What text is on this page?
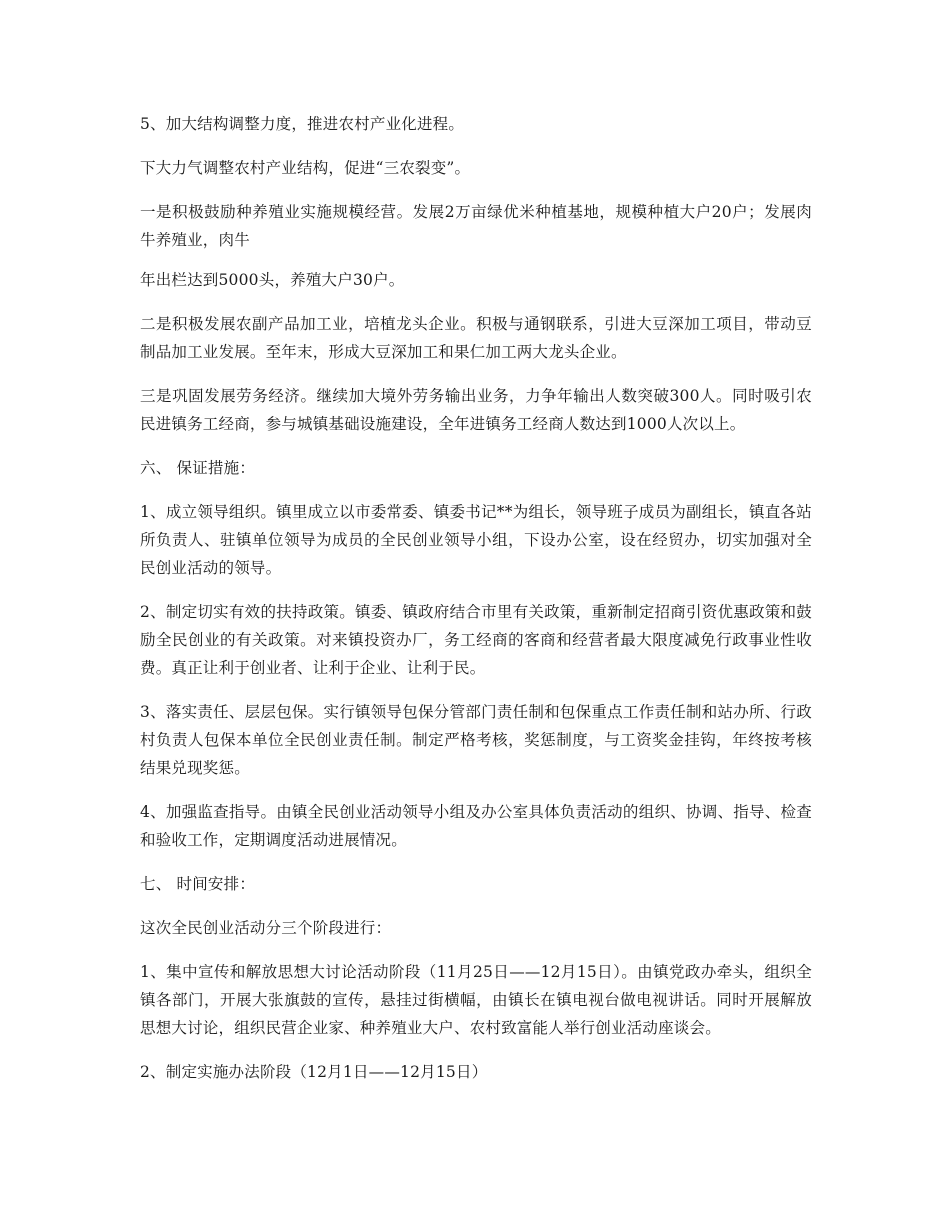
5、加大结构调整力度，推进农村产业化进程。

下大力气调整农村产业结构，促进“三农裂变”。

一是积极鼓励种养殖业实施规模经营。发展2万亩绿优米种植基地，规模种植大户20户；发展肉牛养殖业，肉牛

年出栏达到5000头，养殖大户30户。

二是积极发展农副产品加工业，培植龙头企业。积极与通钢联系，引进大豆深加工项目，带动豆制品加工业发展。至年末，形成大豆深加工和果仁加工两大龙头企业。

三是巩固发展劳务经济。继续加大境外劳务输出业务，力争年输出人数突破300人。同时吸引农民进镇务工经商，参与城镇基础设施建设，全年进镇务工经商人数达到1000人次以上。

六、 保证措施：

1、成立领导组织。镇里成立以市委常委、镇委书记**为组长，领导班子成员为副组长，镇直各站所负责人、驻镇单位领导为成员的全民创业领导小组，下设办公室，设在经贸办，切实加强对全民创业活动的领导。

2、制定切实有效的扶持政策。镇委、镇政府结合市里有关政策，重新制定招商引资优惠政策和鼓励全民创业的有关政策。对来镇投资办厂，务工经商的客商和经营者最大限度减免行政事业性收费。真正让利于创业者、让利于企业、让利于民。

3、落实责任、层层包保。实行镇领导包保分管部门责任制和包保重点工作责任制和站办所、行政村负责人包保本单位全民创业责任制。制定严格考核，奖惩制度，与工资奖金挂钩，年终按考核结果兑现奖惩。

4、加强监查指导。由镇全民创业活动领导小组及办公室具体负责活动的组织、协调、指导、检查和验收工作，定期调度活动进展情况。

七、 时间安排：

这次全民创业活动分三个阶段进行：

1、集中宣传和解放思想大讨论活动阶段（11月25日——12月15日）。由镇党政办牵头，组织全镇各部门，开展大张旗鼓的宣传，悬挂过街横幅，由镇长在镇电视台做电视讲话。同时开展解放思想大讨论，组织民营企业家、种养殖业大户、农村致富能人举行创业活动座谈会。

2、制定实施办法阶段（12月1日——12月15日）
